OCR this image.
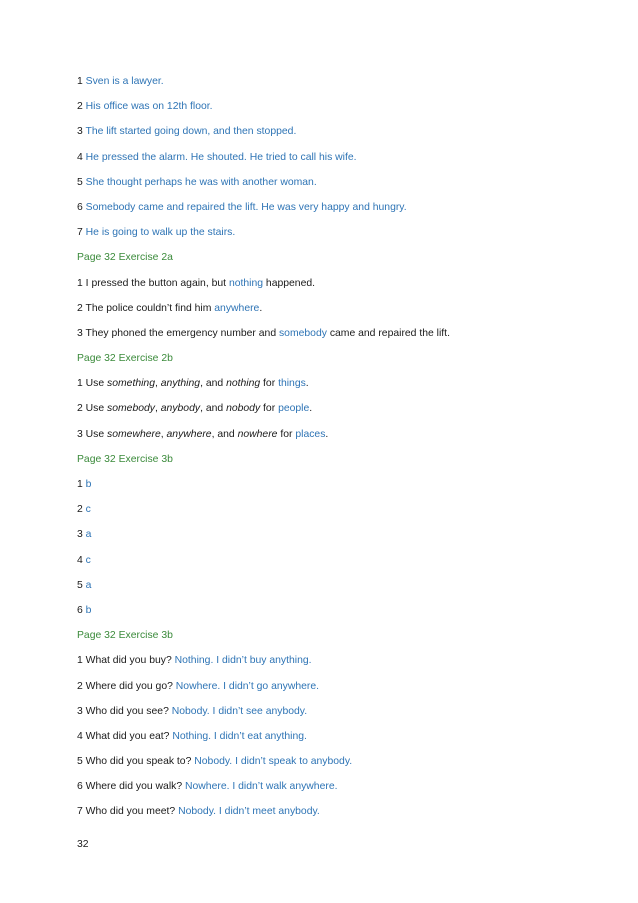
1 Sven is a lawyer.
2 His office was on 12th floor.
3 The lift started going down, and then stopped.
4 He pressed the alarm. He shouted. He tried to call his wife.
5 She thought perhaps he was with another woman.
6 Somebody came and repaired the lift. He was very happy and hungry.
7 He is going to walk up the stairs.
Page 32 Exercise 2a
1 I pressed the button again, but nothing happened.
2 The police couldn’t find him anywhere.
3 They phoned the emergency number and somebody came and repaired the lift.
Page 32 Exercise 2b
1 Use something, anything, and nothing for things.
2 Use somebody, anybody, and nobody for people.
3 Use somewhere, anywhere, and nowhere for places.
Page 32 Exercise 3b
1 b
2 c
3 a
4 c
5 a
6 b
Page 32 Exercise 3b
1 What did you buy? Nothing. I didn’t buy anything.
2 Where did you go? Nowhere. I didn’t go anywhere.
3 Who did you see? Nobody. I didn’t see anybody.
4 What did you eat? Nothing. I didn’t eat anything.
5 Who did you speak to? Nobody. I didn’t speak to anybody.
6 Where did you walk? Nowhere. I didn’t walk anywhere.
7 Who did you meet? Nobody. I didn’t meet anybody.
32
